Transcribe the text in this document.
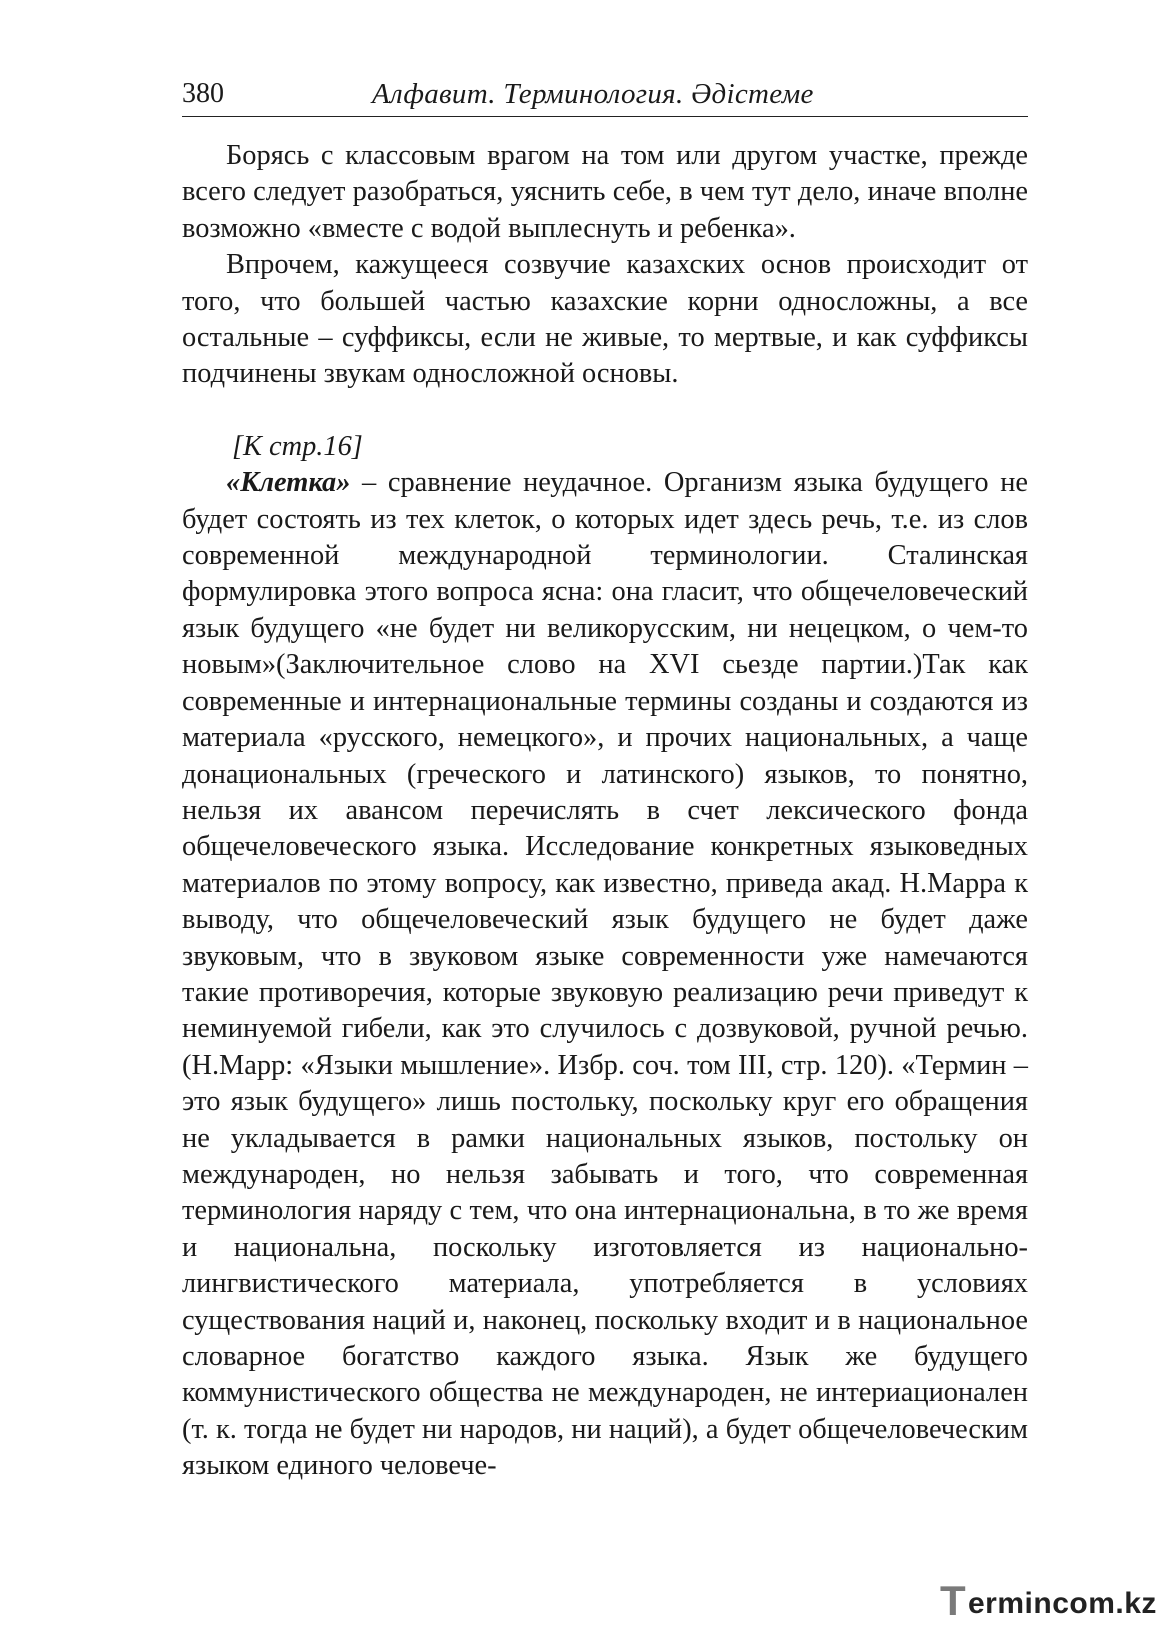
380	Алфавит. Терминология. Әдістеме

Борясь с классовым врагом на том или другом участке, прежде всего следует разобраться, уяснить себе, в чем тут дело, иначе вполне возможно «вместе с водой выплеснуть и ребенка».

Впрочем, кажущееся созвучие казахских основ происходит от того, что большей частью казахские корни односложны, а все остальные – суффиксы, если не живые, то мертвые, и как суффиксы подчинены звукам односложной основы.

[К стр.16]

«Клетка» – сравнение неудачное. Организм языка будущего не будет состоять из тех клеток, о которых идет здесь речь, т.е. из слов современной международной терминологии. Сталинская формулировка этого вопроса ясна: она гласит, что общечеловеческий язык будущего «не будет ни великорусским, ни нецецком, о чем-то новым»(Заключительное слово на XVI сьезде партии.)Так как современные и интернациональные термины созданы и создаются из материала «русского, немецкого», и прочих национальных, а чаще донациональных (греческого и латинского) языков, то понятно, нельзя их авансом перечислять в счет лексического фонда общечеловеческого языка. Исследование конкретных языковедных материалов по этому вопросу, как известно, приведа акад. Н.Марра к выводу, что общечеловеческий язык будущего не будет даже звуковым, что в звуковом языке современности уже намечаются такие противоречия, которые звуковую реализацию речи приведут к неминуемой гибели, как это случилось с дозвуковой, ручной речью. (Н.Марр: «Языки мышление». Избр. соч. том III, стр. 120). «Термин – это язык будущего» лишь постольку, поскольку круг его обращения не укладывается в рамки национальных языков, постольку он международен, но нельзя забывать и того, что современная терминология наряду с тем, что она интернациональна, в то же время и национальна, поскольку изготовляется из национально-лингвистического материала, употребляется в условиях существования наций и, наконец, поскольку входит и в национальное словарное богатство каждого языка. Язык же будущего коммунистического общества не международен, не интериационален (т. к. тогда не будет ни народов, ни наций), а будет общечеловеческим языком единого человече-

T ermincom.kz
